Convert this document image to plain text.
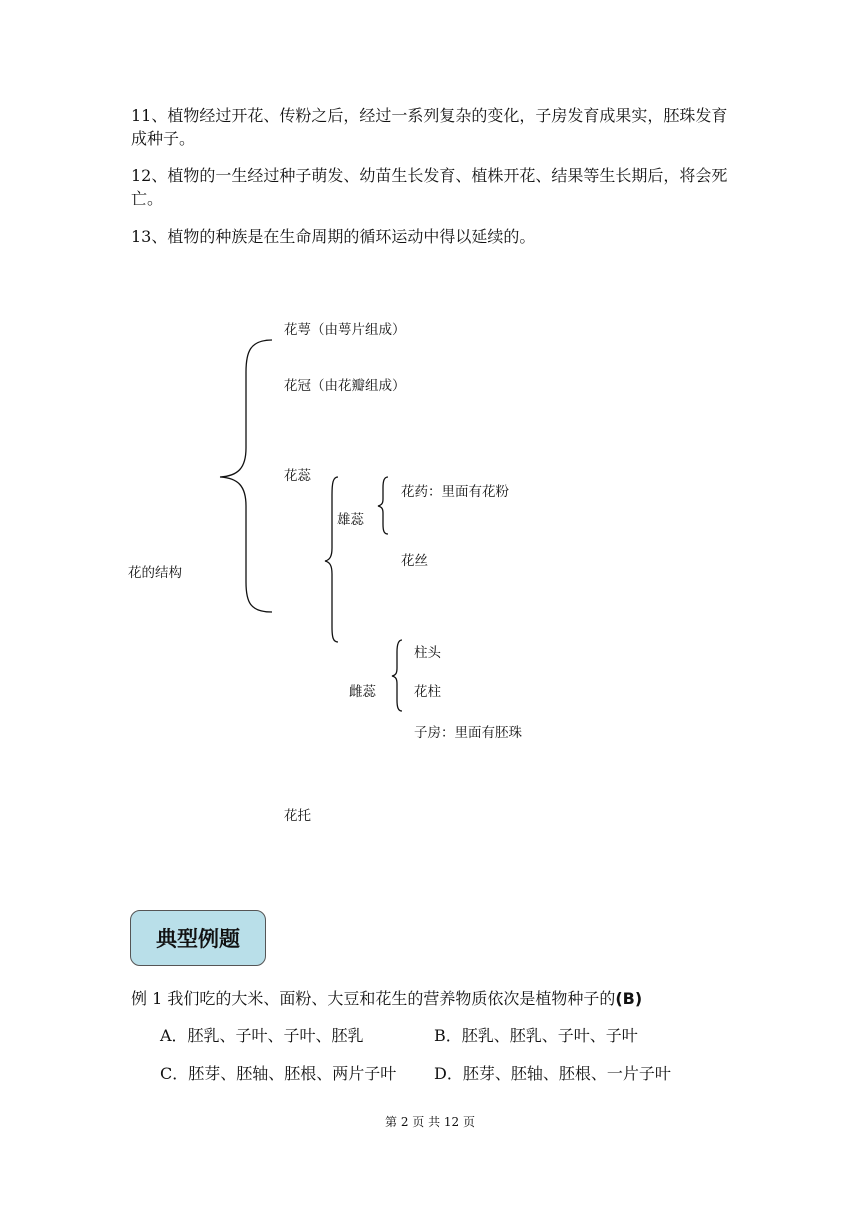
11、植物经过开花、传粉之后，经过一系列复杂的变化，子房发育成果实，胚珠发育成种子。

12、植物的一生经过种子萌发、幼苗生长发育、植株开花、结果等生长期后，将会死亡。

13、植物的种族是在生命周期的循环运动中得以延续的。

花的结构
花萼（由萼片组成）
花冠（由花瓣组成）
花蕊
雄蕊
花药：里面有花粉
花丝
雌蕊
柱头
花柱
子房：里面有胚珠
花托
典型例题
例 1 我们吃的大米、面粉、大豆和花生的营养物质依次是植物种子的(B)
A．胚乳、子叶、子叶、胚乳	B．胚乳、胚乳、子叶、子叶
C．胚芽、胚轴、胚根、两片子叶 D．胚芽、胚轴、胚根、一片子叶
第 2 页 共 12 页
